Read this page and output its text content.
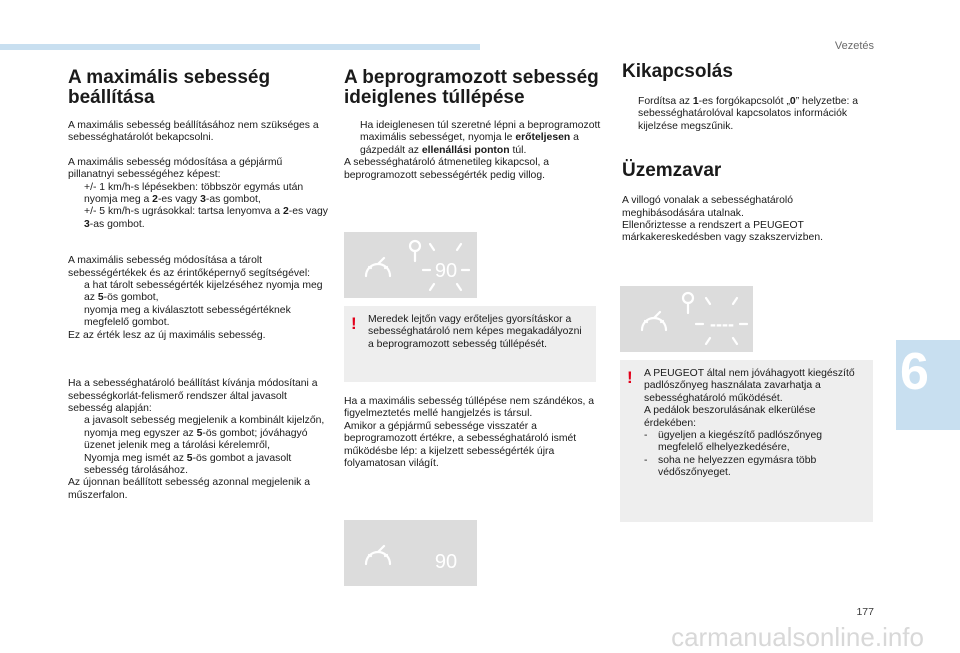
Vezetés
A maximális sebesség
beállítása

A maximális sebesség beállításához nem szükséges a sebességhatárolót bekapcsolni.

A maximális sebesség módosítása a gépjármű pillanatnyi sebességéhez képest:

+/- 1 km/h-s lépésekben: többször egymás után nyomja meg a 2-es vagy 3-as gombot,
+/- 5 km/h-s ugrásokkal: tartsa lenyomva a 2-es vagy 3-as gombot.

A maximális sebesség módosítása a tárolt sebességértékek és az érintőképernyő segítségével:

a hat tárolt sebességérték kijelzéséhez nyomja meg az 5-ös gombot,
nyomja meg a kiválasztott sebességértéknek megfelelő gombot.

Ez az érték lesz az új maximális sebesség.

Ha a sebességhatároló beállítást kívánja módosítani a sebességkorlát-felismerő rendszer által javasolt sebesség alapján:

a javasolt sebesség megjelenik a kombinált kijelzőn,
nyomja meg egyszer az 5-ös gombot; jóváhagyó üzenet jelenik meg a tárolási kérelemről,
Nyomja meg ismét az 5-ös gombot a javasolt sebesség tárolásához.

Az újonnan beállított sebesség azonnal megjelenik a műszerfalon.

A beprogramozott sebesség
ideiglenes túllépése
Ha ideiglenesen túl szeretné lépni a beprogramozott maximális sebességet, nyomja le erőteljesen a gázpedált az ellenállási ponton túl.

A sebességhatároló átmenetileg kikapcsol, a beprogramozott sebességérték pedig villog.

90
! Meredek lejtőn vagy erőteljes gyorsításkor a sebességhatároló nem képes megakadályozni a beprogramozott sebesség túllépését.

Ha a maximális sebesség túllépése nem szándékos, a figyelmeztetés mellé hangjelzés is társul.

Amikor a gépjármű sebessége visszatér a beprogramozott értékre, a sebességhatároló ismét működésbe lép: a kijelzett sebességérték újra folyamatosan világít.

90
Kikapcsolás
Fordítsa az 1-es forgókapcsolót „0” helyzetbe: a sebességhatárolóval kapcsolatos információk kijelzése megszűnik.
Üzemzavar

A villogó vonalak a sebességhatároló meghibásodására utalnak.

Ellenőriztesse a rendszert a PEUGEOT márkakereskedésben vagy szakszervizben.

----
! A PEUGEOT által nem jóváhagyott kiegészítő padlószőnyeg használata zavarhatja a sebességhatároló működését.
A pedálok beszorulásának elkerülése érdekében:
- ügyeljen a kiegészítő padlószőnyeg megfelelő elhelyezkedésére,
- soha ne helyezzen egymásra több védőszőnyeget.
6
177
carmanualsonline.info
